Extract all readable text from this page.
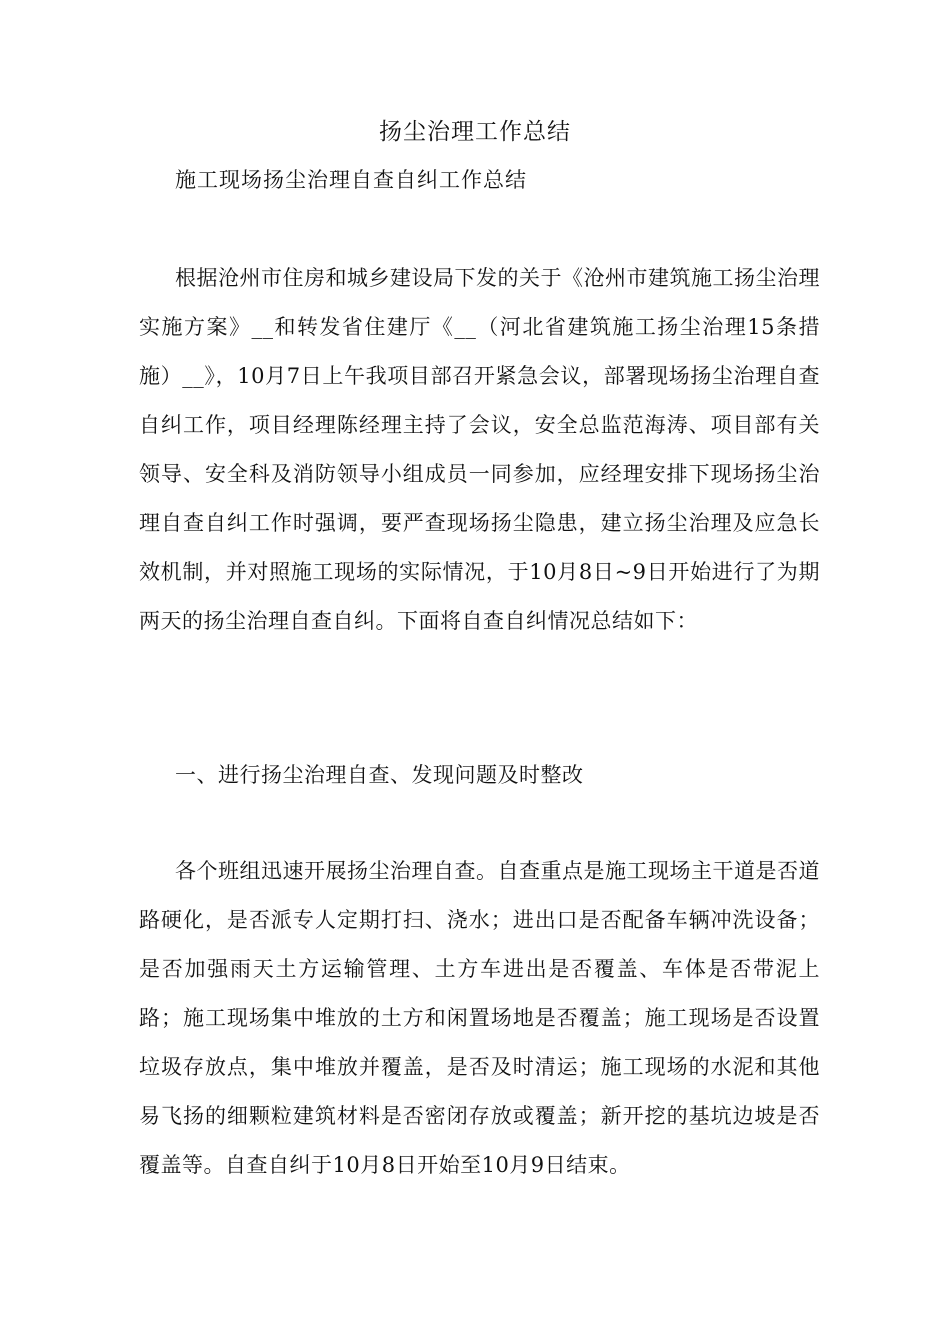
扬尘治理工作总结
施工现场扬尘治理自查自纠工作总结

根据沧州市住房和城乡建设局下发的关于《沧州市建筑施工扬尘治理实施方案》__和转发省住建厅《__（河北省建筑施工扬尘治理15条措施）__》，10月7日上午我项目部召开紧急会议，部署现场扬尘治理自查自纠工作，项目经理陈经理主持了会议，安全总监范海涛、项目部有关领导、安全科及消防领导小组成员一同参加，应经理安排下现场扬尘治理自查自纠工作时强调，要严查现场扬尘隐患，建立扬尘治理及应急长效机制，并对照施工现场的实际情况，于10月8日~9日开始进行了为期两天的扬尘治理自查自纠。下面将自查自纠情况总结如下：

一、进行扬尘治理自查、发现问题及时整改

各个班组迅速开展扬尘治理自查。自查重点是施工现场主干道是否道路硬化，是否派专人定期打扫、浇水；进出口是否配备车辆冲洗设备；是否加强雨天土方运输管理、土方车进出是否覆盖、车体是否带泥上路；施工现场集中堆放的土方和闲置场地是否覆盖；施工现场是否设置垃圾存放点，集中堆放并覆盖，是否及时清运；施工现场的水泥和其他易飞扬的细颗粒建筑材料是否密闭存放或覆盖；新开挖的基坑边坡是否覆盖等。自查自纠于10月8日开始至10月9日结束。
